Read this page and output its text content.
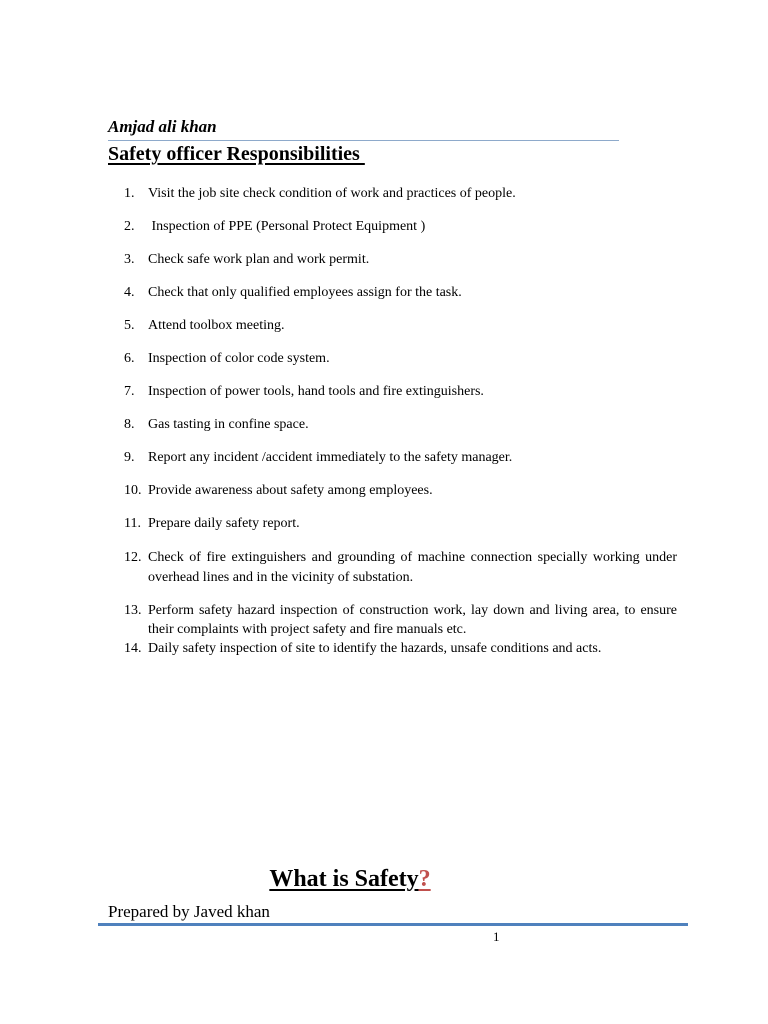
Amjad ali khan
Safety officer Responsibilities
1. Visit the job site check condition of work and practices of people.
2. Inspection of PPE (Personal Protect Equipment )
3. Check safe work plan and work permit.
4. Check that only qualified employees assign for the task.
5. Attend toolbox meeting.
6. Inspection of color code system.
7. Inspection of power tools, hand tools and fire extinguishers.
8. Gas tasting in confine space.
9. Report any incident /accident immediately to the safety manager.
10. Provide awareness about safety among employees.
11. Prepare daily safety report.
12. Check of fire extinguishers and grounding of machine connection specially working under overhead lines and in the vicinity of substation.
13. Perform safety hazard inspection of construction work, lay down and living area, to ensure their complaints with project safety and fire manuals etc.
14. Daily safety inspection of site to identify the hazards, unsafe conditions and acts.
What is Safety?
Prepared by Javed khan
1
